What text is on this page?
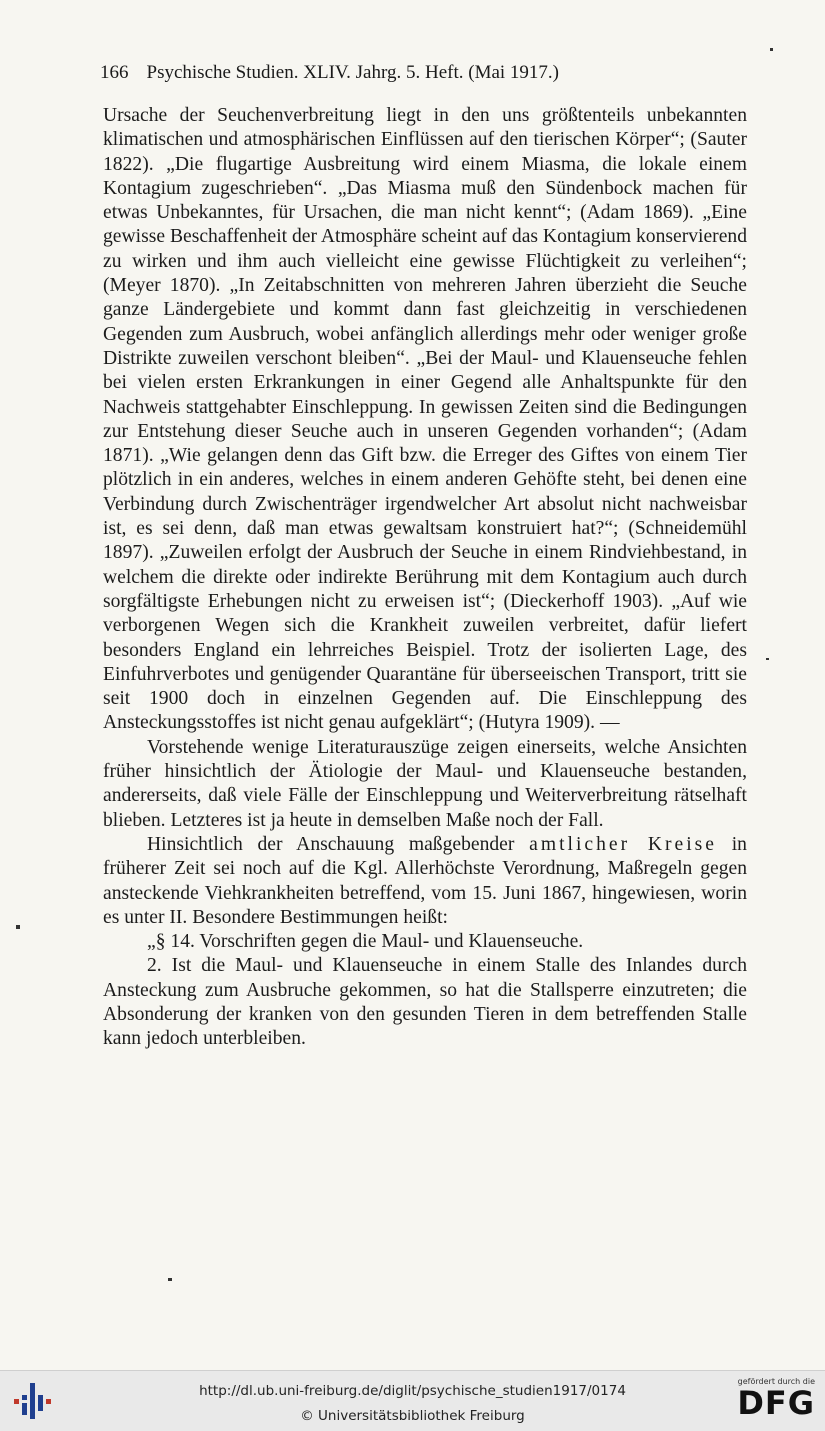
166 Psychische Studien. XLIV. Jahrg. 5. Heft. (Mai 1917.)

Ursache der Seuchenverbreitung liegt in den uns größtenteils unbekannten klimatischen und atmosphärischen Einflüssen auf den tierischen Körper“; (Sauter 1822). „Die flugartige Ausbreitung wird einem Miasma, die lokale einem Kontagium zugeschrieben“. „Das Miasma muß den Sündenbock machen für etwas Unbekanntes, für Ursachen, die man nicht kennt“; (Adam 1869). „Eine gewisse Beschaffenheit der Atmosphäre scheint auf das Kontagium konservierend zu wirken und ihm auch vielleicht eine gewisse Flüchtigkeit zu verleihen“; (Meyer 1870). „In Zeitabschnitten von mehreren Jahren überzieht die Seuche ganze Ländergebiete und kommt dann fast gleichzeitig in verschiedenen Gegenden zum Ausbruch, wobei anfänglich allerdings mehr oder weniger große Distrikte zuweilen verschont bleiben“. „Bei der Maul- und Klauenseuche fehlen bei vielen ersten Erkrankungen in einer Gegend alle Anhaltspunkte für den Nachweis stattgehabter Einschleppung. In gewissen Zeiten sind die Bedingungen zur Entstehung dieser Seuche auch in unseren Gegenden vorhanden“; (Adam 1871). „Wie gelangen denn das Gift bzw. die Erreger des Giftes von einem Tier plötzlich in ein anderes, welches in einem anderen Gehöfte steht, bei denen eine Verbindung durch Zwischenträger irgendwelcher Art absolut nicht nachweisbar ist, es sei denn, daß man etwas gewaltsam konstruiert hat?“; (Schneidemühl 1897). „Zuweilen erfolgt der Ausbruch der Seuche in einem Rindviehbestand, in welchem die direkte oder indirekte Berührung mit dem Kontagium auch durch sorgfältigste Erhebungen nicht zu erweisen ist“; (Dieckerhoff 1903). „Auf wie verborgenen Wegen sich die Krankheit zuweilen verbreitet, dafür liefert besonders England ein lehrreiches Beispiel. Trotz der isolierten Lage, des Einfuhrverbotes und genügender Quarantäne für überseeischen Transport, tritt sie seit 1900 doch in einzelnen Gegenden auf. Die Einschleppung des Ansteckungsstoffes ist nicht genau aufgeklärt“; (Hutyra 1909). —

Vorstehende wenige Literaturauszüge zeigen einerseits, welche Ansichten früher hinsichtlich der Ätiologie der Maul- und Klauenseuche bestanden, andererseits, daß viele Fälle der Einschleppung und Weiterverbreitung rätselhaft blieben. Letzteres ist ja heute in demselben Maße noch der Fall.

Hinsichtlich der Anschauung maßgebender amtlicher Kreise in früherer Zeit sei noch auf die Kgl. Allerhöchste Verordnung, Maßregeln gegen ansteckende Viehkrankheiten betreffend, vom 15. Juni 1867, hingewiesen, worin es unter II. Besondere Bestimmungen heißt:

„§ 14. Vorschriften gegen die Maul- und Klauenseuche.

2. Ist die Maul- und Klauenseuche in einem Stalle des Inlandes durch Ansteckung zum Ausbruche gekommen, so hat die Stallsperre einzutreten; die Absonderung der kranken von den gesunden Tieren in dem betreffenden Stalle kann jedoch unterbleiben.

http://dl.ub.uni-freiburg.de/diglit/psychische_studien1917/0174
© Universitätsbibliothek Freiburg
gefördert durch die
DFG
